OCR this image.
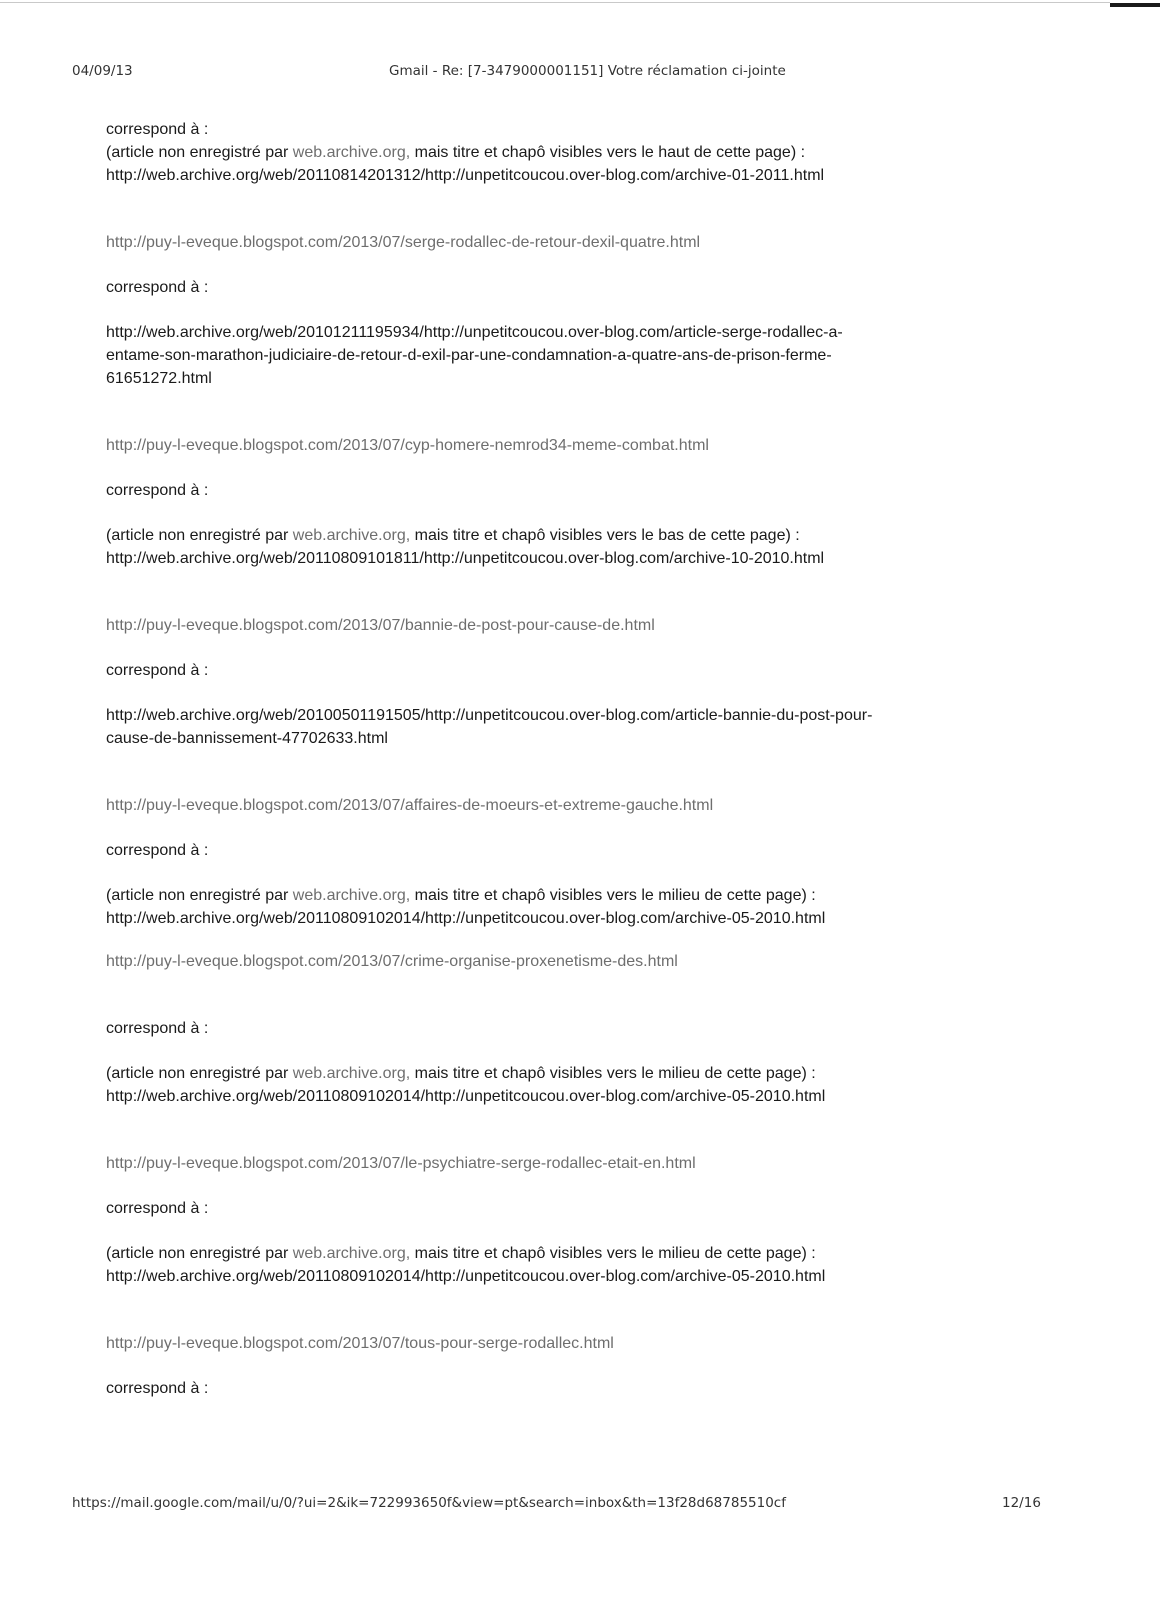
04/09/13	Gmail - Re: [7-3479000001151] Votre réclamation ci-jointe
correspond à :
(article non enregistré par web.archive.org, mais titre et chapô visibles vers le haut de cette page) :
http://web.archive.org/web/20110814201312/http://unpetitcoucou.over-blog.com/archive-01-2011.html
http://puy-l-eveque.blogspot.com/2013/07/serge-rodallec-de-retour-dexil-quatre.html
correspond à :
http://web.archive.org/web/20101211195934/http://unpetitcoucou.over-blog.com/article-serge-rodallec-a-
entame-son-marathon-judiciaire-de-retour-d-exil-par-une-condamnation-a-quatre-ans-de-prison-ferme-
61651272.html
http://puy-l-eveque.blogspot.com/2013/07/cyp-homere-nemrod34-meme-combat.html
correspond à :
(article non enregistré par web.archive.org, mais titre et chapô visibles vers le bas de cette page) :
http://web.archive.org/web/20110809101811/http://unpetitcoucou.over-blog.com/archive-10-2010.html
http://puy-l-eveque.blogspot.com/2013/07/bannie-de-post-pour-cause-de.html
correspond à :
http://web.archive.org/web/20100501191505/http://unpetitcoucou.over-blog.com/article-bannie-du-post-pour-
cause-de-bannissement-47702633.html
http://puy-l-eveque.blogspot.com/2013/07/affaires-de-moeurs-et-extreme-gauche.html
correspond à :
(article non enregistré par web.archive.org, mais titre et chapô visibles vers le milieu de cette page) :
http://web.archive.org/web/20110809102014/http://unpetitcoucou.over-blog.com/archive-05-2010.html
http://puy-l-eveque.blogspot.com/2013/07/crime-organise-proxenetisme-des.html
correspond à :
(article non enregistré par web.archive.org, mais titre et chapô visibles vers le milieu de cette page) :
http://web.archive.org/web/20110809102014/http://unpetitcoucou.over-blog.com/archive-05-2010.html
http://puy-l-eveque.blogspot.com/2013/07/le-psychiatre-serge-rodallec-etait-en.html
correspond à :
(article non enregistré par web.archive.org, mais titre et chapô visibles vers le milieu de cette page) :
http://web.archive.org/web/20110809102014/http://unpetitcoucou.over-blog.com/archive-05-2010.html
http://puy-l-eveque.blogspot.com/2013/07/tous-pour-serge-rodallec.html
correspond à :
https://mail.google.com/mail/u/0/?ui=2&ik=722993650f&view=pt&search=inbox&th=13f28d68785510cf	12/16
